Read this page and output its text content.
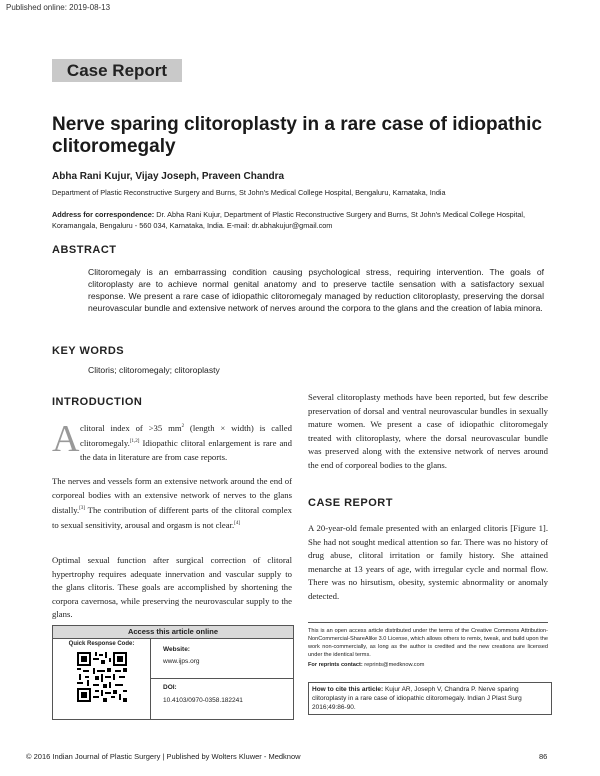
Published online: 2019-08-13
Case Report
Nerve sparing clitoroplasty in a rare case of idiopathic clitoromegaly
Abha Rani Kujur, Vijay Joseph, Praveen Chandra
Department of Plastic Reconstructive Surgery and Burns, St John's Medical College Hospital, Bengaluru, Karnataka, India
Address for correspondence: Dr. Abha Rani Kujur, Department of Plastic Reconstructive Surgery and Burns, St John's Medical College Hospital, Koramangala, Bengaluru - 560 034, Karnataka, India. E-mail: dr.abhakujur@gmail.com
ABSTRACT
Clitoromegaly is an embarrassing condition causing psychological stress, requiring intervention. The goals of clitoroplasty are to achieve normal genital anatomy and to preserve tactile sensation with a satisfactory sexual response. We present a rare case of idiopathic clitoromegaly managed by reduction clitoroplasty, preserving the dorsal neurovascular bundle and extensive network of nerves around the corpora to the glans and the creation of labia minora.
KEY WORDS
Clitoris; clitoromegaly; clitoroplasty
INTRODUCTION
A clitoral index of >35 $mm^2$ (length × width) is called clitoromegaly.[1,2] Idiopathic clitoral enlargement is rare and the data in literature are from case reports.
The nerves and vessels form an extensive network around the end of corporeal bodies with an extensive network of nerves to the glans distally.[3] The contribution of different parts of the clitoral complex to sexual sensitivity, arousal and orgasm is not clear.[4]
Optimal sexual function after surgical correction of clitoral hypertrophy requires adequate innervation and vascular supply to the glans clitoris. These goals are accomplished by shortening the corpora cavernosa, while preserving the neurovascular supply to the glans.
Several clitoroplasty methods have been reported, but few describe preservation of dorsal and ventral neurovascular bundles in sexually mature women. We present a case of idiopathic clitoromegaly treated with clitoroplasty, where the dorsal neurovascular bundle was preserved along with the extensive network of nerves around the end of corporeal bodies to the glans.
CASE REPORT
A 20-year-old female presented with an enlarged clitoris [Figure 1]. She had not sought medical attention so far. There was no history of drug abuse, clitoral irritation or family history. She attained menarche at 13 years of age, with irregular cycle and normal flow. There was no hirsutism, obesity, systemic abnormality or anomaly detected.
Access this article online
Quick Response Code:
Website:
www.ijps.org
DOI:
10.4103/0970-0358.182241
This is an open access article distributed under the terms of the Creative Commons Attribution-NonCommercial-ShareAlike 3.0 License, which allows others to remix, tweak, and build upon the work non-commercially, as long as the author is credited and the new creations are licensed under the identical terms.
For reprints contact: reprints@medknow.com
How to cite this article: Kujur AR, Joseph V, Chandra P. Nerve sparing clitoroplasty in a rare case of idiopathic clitoromegaly. Indian J Plast Surg 2016;49:86-90.
© 2016 Indian Journal of Plastic Surgery | Published by Wolters Kluwer - Medknow	86
